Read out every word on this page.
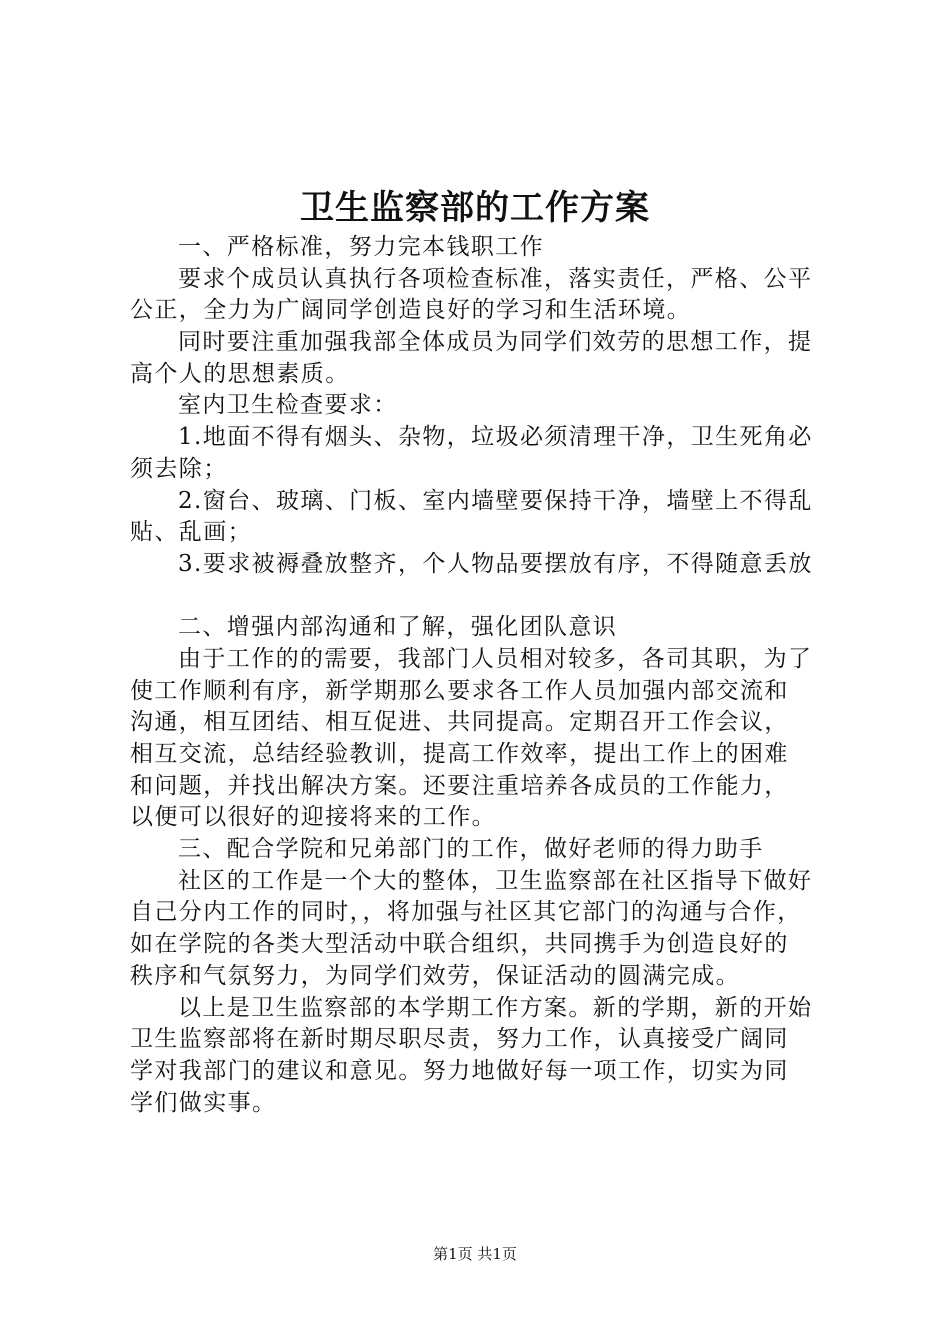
卫生监察部的工作方案
一、严格标准，努力完本钱职工作
要求个成员认真执行各项检查标准，落实责任，严格、公平
公正，全力为广阔同学创造良好的学习和生活环境。
同时要注重加强我部全体成员为同学们效劳的思想工作，提
高个人的思想素质。
室内卫生检查要求：
1.地面不得有烟头、杂物，垃圾必须清理干净，卫生死角必
须去除；
2.窗台、玻璃、门板、室内墙壁要保持干净，墙壁上不得乱
贴、乱画；
3.要求被褥叠放整齐，个人物品要摆放有序，不得随意丢放
二、增强内部沟通和了解，强化团队意识
由于工作的的需要，我部门人员相对较多，各司其职，为了
使工作顺利有序，新学期那么要求各工作人员加强内部交流和
沟通，相互团结、相互促进、共同提高。定期召开工作会议，
相互交流，总结经验教训，提高工作效率，提出工作上的困难
和问题，并找出解决方案。还要注重培养各成员的工作能力，
以便可以很好的迎接将来的工作。
三、配合学院和兄弟部门的工作，做好老师的得力助手
社区的工作是一个大的整体，卫生监察部在社区指导下做好
自己分内工作的同时，，将加强与社区其它部门的沟通与合作，
如在学院的各类大型活动中联合组织，共同携手为创造良好的
秩序和气氛努力，为同学们效劳，保证活动的圆满完成。
以上是卫生监察部的本学期工作方案。新的学期，新的开始
卫生监察部将在新时期尽职尽责，努力工作，认真接受广阔同
学对我部门的建议和意见。努力地做好每一项工作，切实为同
学们做实事。
第1页 共1页
